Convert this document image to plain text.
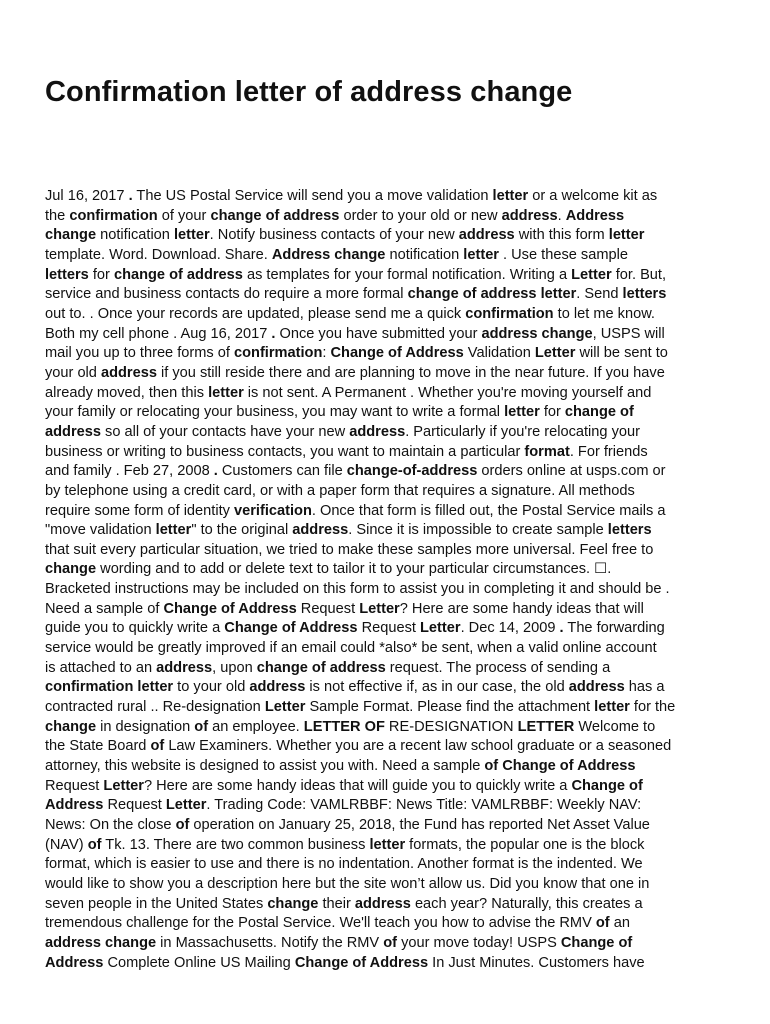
Confirmation letter of address change
Jul 16, 2017 . The US Postal Service will send you a move validation letter or a welcome kit as
the confirmation of your change of address order to your old or new address. Address
change notification letter. Notify business contacts of your new address with this form letter
template. Word. Download. Share. Address change notification letter . Use these sample
letters for change of address as templates for your formal notification. Writing a Letter for. But,
service and business contacts do require a more formal change of address letter. Send letters
out to. . Once your records are updated, please send me a quick confirmation to let me know.
Both my cell phone . Aug 16, 2017 . Once you have submitted your address change, USPS will
mail you up to three forms of confirmation: Change of Address Validation Letter will be sent to
your old address if you still reside there and are planning to move in the near future. If you have
already moved, then this letter is not sent. A Permanent . Whether you're moving yourself and
your family or relocating your business, you may want to write a formal letter for change of
address so all of your contacts have your new address. Particularly if you're relocating your
business or writing to business contacts, you want to maintain a particular format. For friends
and family . Feb 27, 2008 . Customers can file change-of-address orders online at usps.com or
by telephone using a credit card, or with a paper form that requires a signature. All methods
require some form of identity verification. Once that form is filled out, the Postal Service mails a
"move validation letter" to the original address. Since it is impossible to create sample letters
that suit every particular situation, we tried to make these samples more universal. Feel free to
change wording and to add or delete text to tailor it to your particular circumstances. ☐.
Bracketed instructions may be included on this form to assist you in completing it and should be .
Need a sample of Change of Address Request Letter? Here are some handy ideas that will
guide you to quickly write a Change of Address Request Letter. Dec 14, 2009 . The forwarding
service would be greatly improved if an email could *also* be sent, when a valid online account
is attached to an address, upon change of address request. The process of sending a
confirmation letter to your old address is not effective if, as in our case, the old address has a
contracted rural .. Re-designation Letter Sample Format. Please find the attachment letter for the
change in designation of an employee. LETTER OF RE-DESIGNATION LETTER Welcome to
the State Board of Law Examiners. Whether you are a recent law school graduate or a seasoned
attorney, this website is designed to assist you with. Need a sample of Change of Address
Request Letter? Here are some handy ideas that will guide you to quickly write a Change of
Address Request Letter. Trading Code: VAMLRBBF: News Title: VAMLRBBF: Weekly NAV:
News: On the close of operation on January 25, 2018, the Fund has reported Net Asset Value
(NAV) of Tk. 13. There are two common business letter formats, the popular one is the block
format, which is easier to use and there is no indentation. Another format is the indented. We
would like to show you a description here but the site won’t allow us. Did you know that one in
seven people in the United States change their address each year? Naturally, this creates a
tremendous challenge for the Postal Service. We'll teach you how to advise the RMV of an
address change in Massachusetts. Notify the RMV of your move today! USPS Change of
Address Complete Online US Mailing Change of Address In Just Minutes. Customers have
